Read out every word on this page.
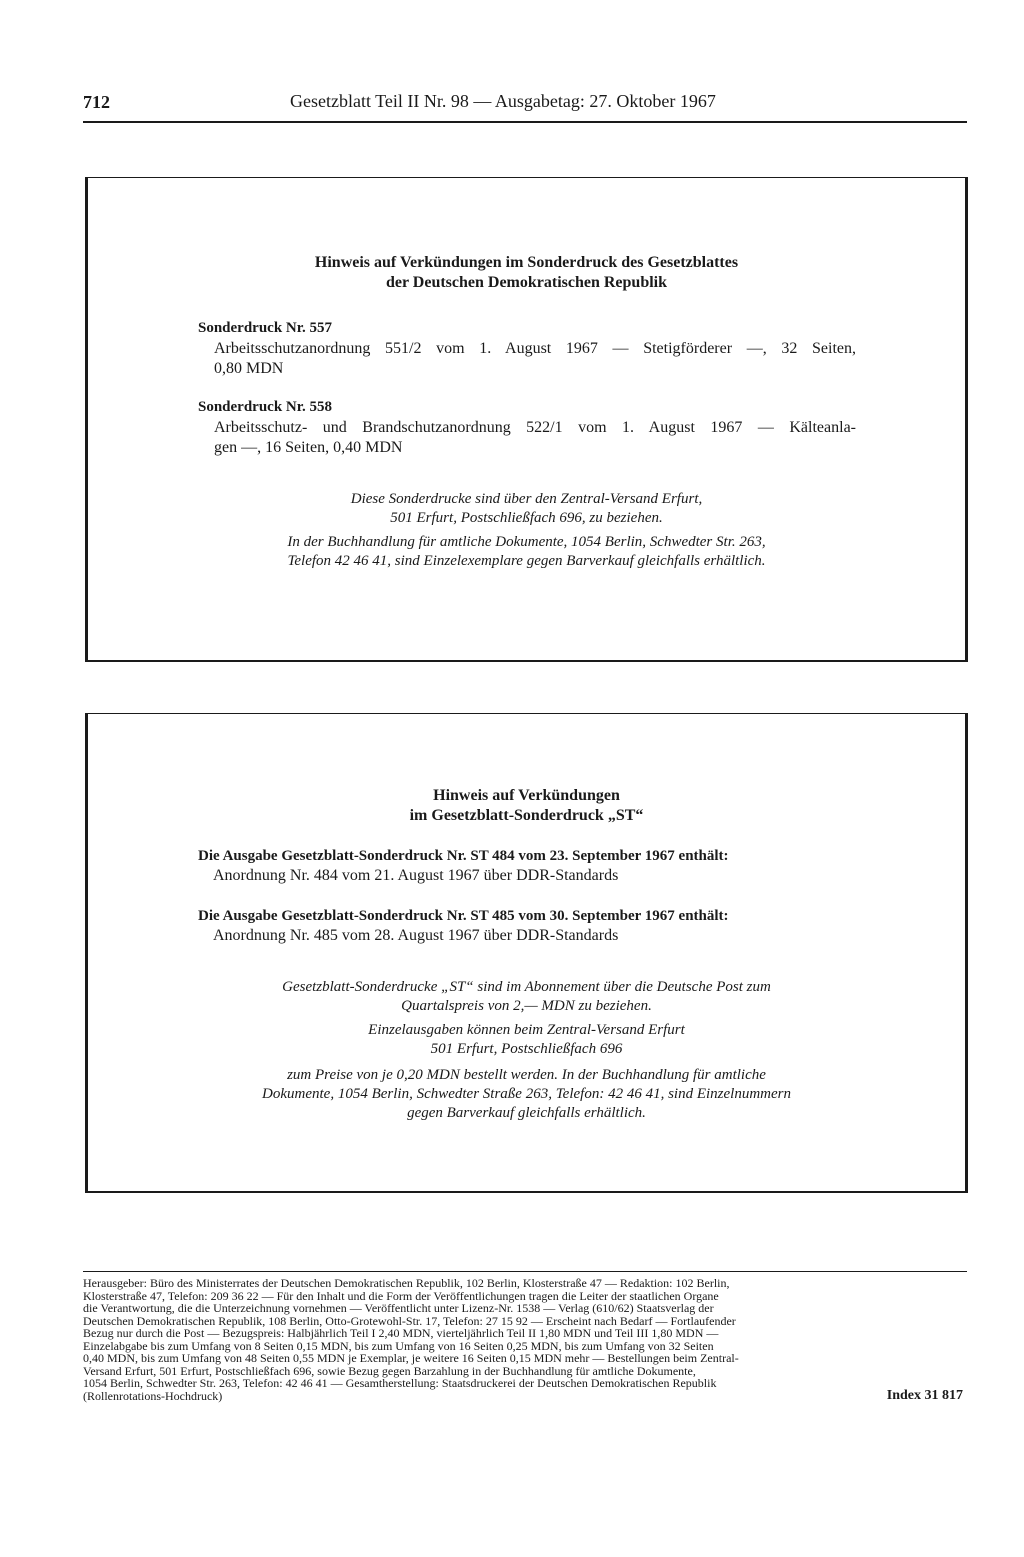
712	Gesetzblatt Teil II Nr. 98 — Ausgabetag: 27. Oktober 1967
Hinweis auf Verkündungen im Sonderdruck des Gesetzblattes
der Deutschen Demokratischen Republik
Sonderdruck Nr. 557
Arbeitsschutzanordnung 551/2 vom 1. August 1967 — Stetigförderer —, 32 Seiten,
0,80 MDN
Sonderdruck Nr. 558
Arbeitsschutz- und Brandschutzanordnung 522/1 vom 1. August 1967 — Kälteanla-
gen —, 16 Seiten, 0,40 MDN
Diese Sonderdrucke sind über den Zentral-Versand Erfurt,
501 Erfurt, Postschließfach 696, zu beziehen.
In der Buchhandlung für amtliche Dokumente, 1054 Berlin, Schwedter Str. 263,
Telefon 42 46 41, sind Einzelexemplare gegen Barverkauf gleichfalls erhältlich.
Hinweis auf Verkündungen
im Gesetzblatt-Sonderdruck „ST“
Die Ausgabe Gesetzblatt-Sonderdruck Nr. ST 484 vom 23. September 1967 enthält:
Anordnung Nr. 484 vom 21. August 1967 über DDR-Standards
Die Ausgabe Gesetzblatt-Sonderdruck Nr. ST 485 vom 30. September 1967 enthält:
Anordnung Nr. 485 vom 28. August 1967 über DDR-Standards
Gesetzblatt-Sonderdrucke „ST“ sind im Abonnement über die Deutsche Post zum
Quartalspreis von 2,— MDN zu beziehen.
Einzelausgaben können beim Zentral-Versand Erfurt
501 Erfurt, Postschließfach 696
zum Preise von je 0,20 MDN bestellt werden. In der Buchhandlung für amtliche
Dokumente, 1054 Berlin, Schwedter Straße 263, Telefon: 42 46 41, sind Einzelnummern
gegen Barverkauf gleichfalls erhältlich.

Herausgeber: Büro des Ministerrates der Deutschen Demokratischen Republik, 102 Berlin, Klosterstraße 47 — Redaktion: 102 Berlin,

Klosterstraße 47, Telefon: 209 36 22 — Für den Inhalt und die Form der Veröffentlichungen tragen die Leiter der staatlichen Organe

die Verantwortung, die die Unterzeichnung vornehmen — Veröffentlicht unter Lizenz-Nr. 1538 — Verlag (610/62) Staatsverlag der

Deutschen Demokratischen Republik, 108 Berlin, Otto-Grotewohl-Str. 17, Telefon: 27 15 92 — Erscheint nach Bedarf — Fortlaufender

Bezug nur durch die Post — Bezugspreis: Halbjährlich Teil I 2,40 MDN, vierteljährlich Teil II 1,80 MDN und Teil III 1,80 MDN —

Einzelabgabe bis zum Umfang von 8 Seiten 0,15 MDN, bis zum Umfang von 16 Seiten 0,25 MDN, bis zum Umfang von 32 Seiten

0,40 MDN, bis zum Umfang von 48 Seiten 0,55 MDN je Exemplar, je weitere 16 Seiten 0,15 MDN mehr — Bestellungen beim Zentral-

Versand Erfurt, 501 Erfurt, Postschließfach 696, sowie Bezug gegen Barzahlung in der Buchhandlung für amtliche Dokumente,

1054 Berlin, Schwedter Str. 263, Telefon: 42 46 41 — Gesamtherstellung: Staatsdruckerei der Deutschen Demokratischen Republik

(Rollenrotations-Hochdruck)	Index 31 817
